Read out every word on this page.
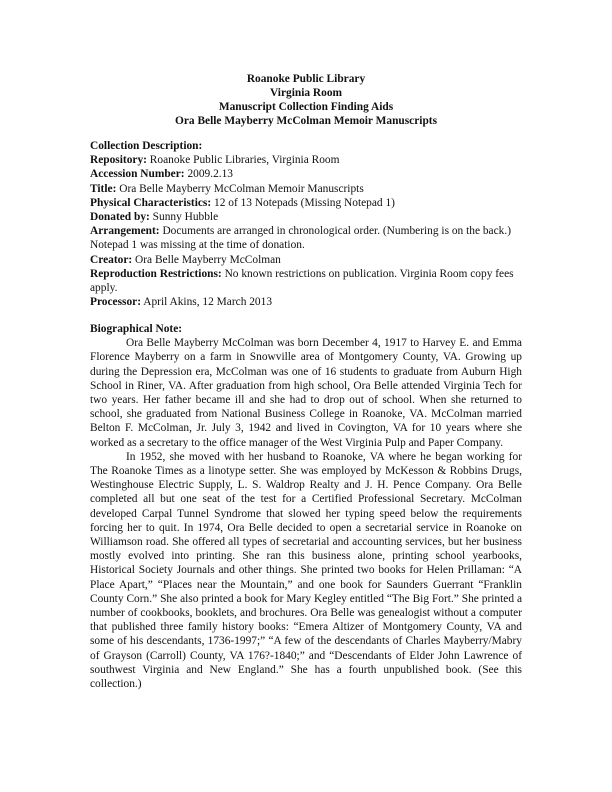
Roanoke Public Library
Virginia Room
Manuscript Collection Finding Aids
Ora Belle Mayberry McColman Memoir Manuscripts
Collection Description:

Repository: Roanoke Public Libraries, Virginia Room

Accession Number: 2009.2.13

Title: Ora Belle Mayberry McColman Memoir Manuscripts

Physical Characteristics: 12 of 13 Notepads (Missing Notepad 1)

Donated by: Sunny Hubble

Arrangement: Documents are arranged in chronological order. (Numbering is on the back.) Notepad 1 was missing at the time of donation.

Creator: Ora Belle Mayberry McColman

Reproduction Restrictions: No known restrictions on publication. Virginia Room copy fees apply.

Processor: April Akins, 12 March 2013

Biographical Note:

Ora Belle Mayberry McColman was born December 4, 1917 to Harvey E. and Emma Florence Mayberry on a farm in Snowville area of Montgomery County, VA. Growing up during the Depression era, McColman was one of 16 students to graduate from Auburn High School in Riner, VA. After graduation from high school, Ora Belle attended Virginia Tech for two years. Her father became ill and she had to drop out of school. When she returned to school, she graduated from National Business College in Roanoke, VA. McColman married Belton F. McColman, Jr. July 3, 1942 and lived in Covington, VA for 10 years where she worked as a secretary to the office manager of the West Virginia Pulp and Paper Company.

In 1952, she moved with her husband to Roanoke, VA where he began working for The Roanoke Times as a linotype setter. She was employed by McKesson & Robbins Drugs, Westinghouse Electric Supply, L. S. Waldrop Realty and J. H. Pence Company. Ora Belle completed all but one seat of the test for a Certified Professional Secretary. McColman developed Carpal Tunnel Syndrome that slowed her typing speed below the requirements forcing her to quit. In 1974, Ora Belle decided to open a secretarial service in Roanoke on Williamson road. She offered all types of secretarial and accounting services, but her business mostly evolved into printing. She ran this business alone, printing school yearbooks, Historical Society Journals and other things. She printed two books for Helen Prillaman: “A Place Apart,” “Places near the Mountain,” and one book for Saunders Guerrant “Franklin County Corn.” She also printed a book for Mary Kegley entitled “The Big Fort.” She printed a number of cookbooks, booklets, and brochures. Ora Belle was genealogist without a computer that published three family history books: “Emera Altizer of Montgomery County, VA and some of his descendants, 1736-1997;” “A few of the descendants of Charles Mayberry/Mabry of Grayson (Carroll) County, VA 176?-1840;” and “Descendants of Elder John Lawrence of southwest Virginia and New England.” She has a fourth unpublished book. (See this collection.)
